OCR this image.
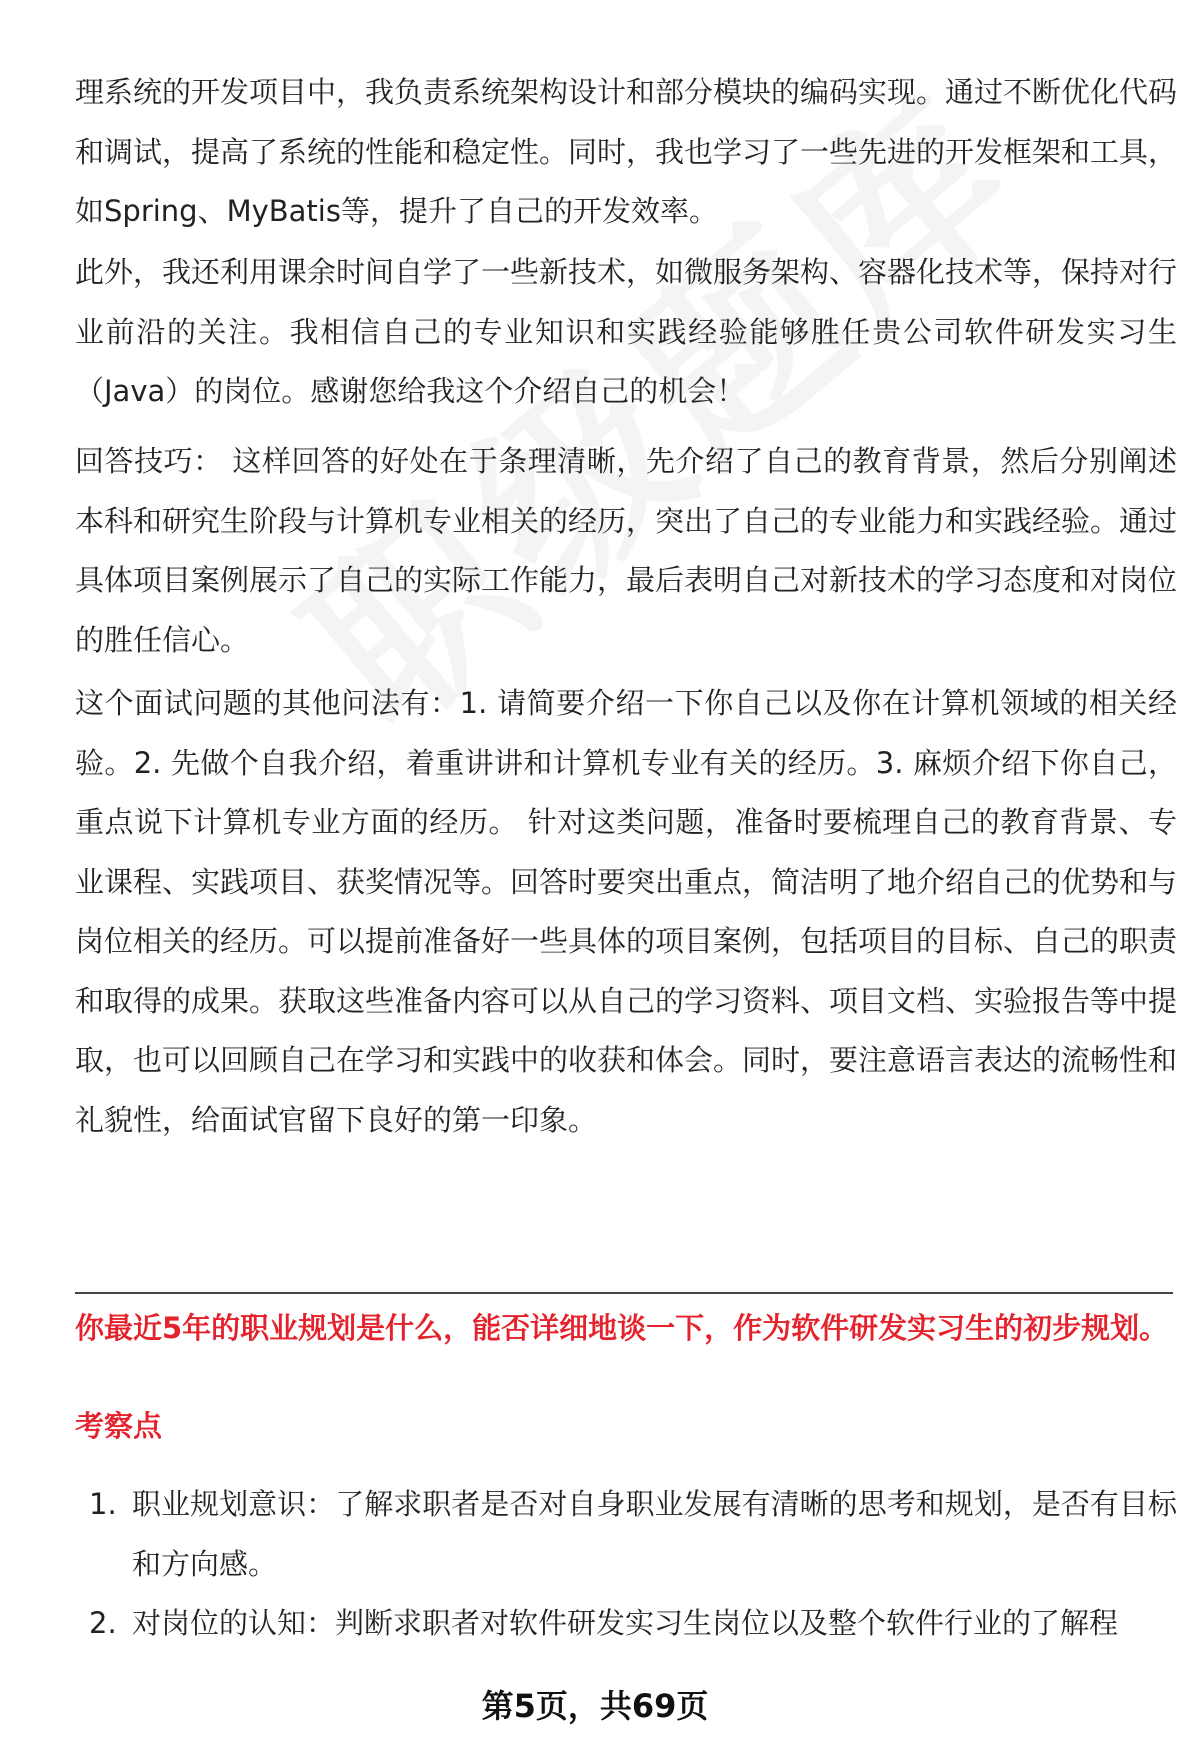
理系统的开发项目中，我负责系统架构设计和部分模块的编码实现。通过不断优化代码和调试，提高了系统的性能和稳定性。同时，我也学习了一些先进的开发框架和工具，如Spring、MyBatis等，提升了自己的开发效率。

此外，我还利用课余时间自学了一些新技术，如微服务架构、容器化技术等，保持对行业前沿的关注。我相信自己的专业知识和实践经验能够胜任贵公司软件研发实习生（Java）的岗位。感谢您给我这个介绍自己的机会！

回答技巧： 这样回答的好处在于条理清晰，先介绍了自己的教育背景，然后分别阐述本科和研究生阶段与计算机专业相关的经历，突出了自己的专业能力和实践经验。通过具体项目案例展示了自己的实际工作能力，最后表明自己对新技术的学习态度和对岗位的胜任信心。

这个面试问题的其他问法有：1. 请简要介绍一下你自己以及你在计算机领域的相关经验。2. 先做个自我介绍，着重讲讲和计算机专业有关的经历。3. 麻烦介绍下你自己，重点说下计算机专业方面的经历。 针对这类问题，准备时要梳理自己的教育背景、专业课程、实践项目、获奖情况等。回答时要突出重点，简洁明了地介绍自己的优势和与岗位相关的经历。可以提前准备好一些具体的项目案例，包括项目的目标、自己的职责和取得的成果。获取这些准备内容可以从自己的学习资料、项目文档、实验报告等中提取，也可以回顾自己在学习和实践中的收获和体会。同时，要注意语言表达的流畅性和礼貌性，给面试官留下良好的第一印象。

你最近5年的职业规划是什么，能否详细地谈一下，作为软件研发实习生的初步规划。

考察点

1. 职业规划意识：了解求职者是否对自身职业发展有清晰的思考和规划，是否有目标和方向感。
2. 对岗位的认知：判断求职者对软件研发实习生岗位以及整个软件行业的了解程
第5页，共69页
